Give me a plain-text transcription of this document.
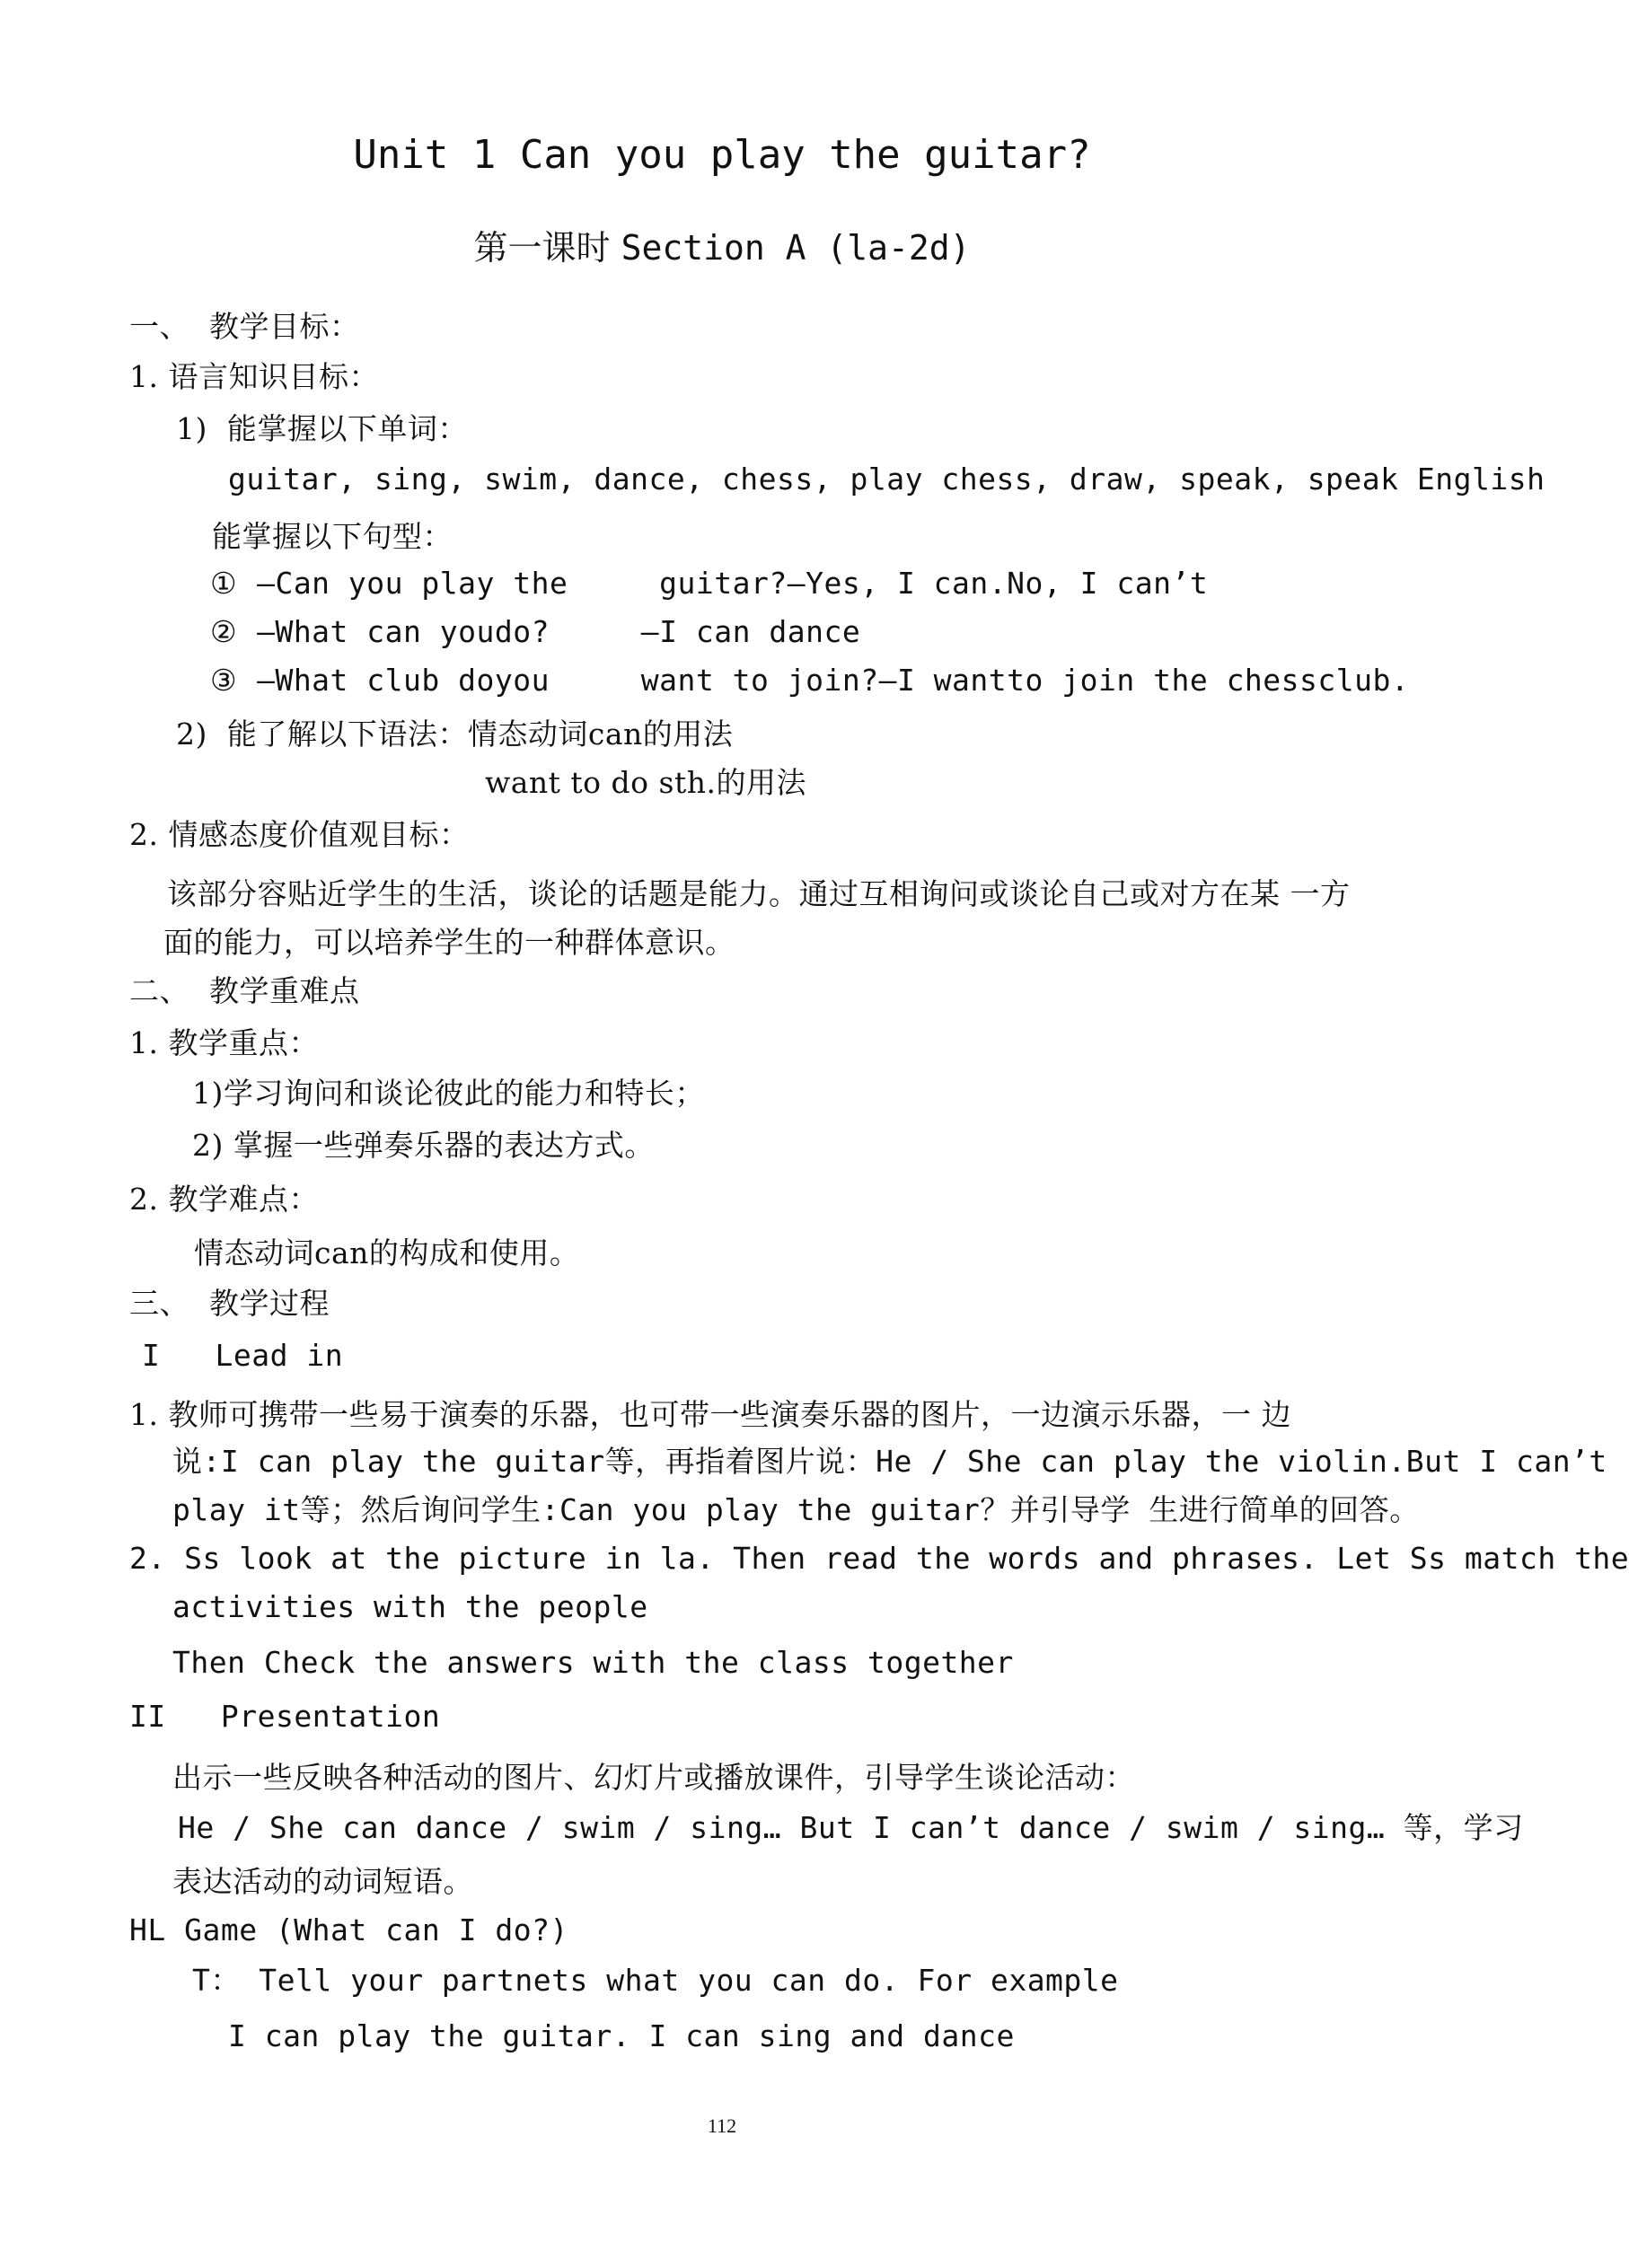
Unit 1 Can you play the guitar?
第一课时 Section A (la-2d)
一、 教学目标：
1. 语言知识目标：
1) 能掌握以下单词：
guitar, sing, swim, dance, chess, play chess, draw, speak, speak English
能掌握以下句型：
① —Can you play the     guitar?—Yes, I can.No, I can’t
② —What can youdo?     —I can dance
③ —What club doyou     want to join?—I wantto join the chessclub.
2) 能了解以下语法：情态动词can的用法
want to do sth.的用法
2. 情感态度价值观目标：
该部分容贴近学生的生活，谈论的话题是能力。通过互相询问或谈论自己或对方在某 一方
面的能力，可以培养学生的一种群体意识。
二、 教学重难点
1. 教学重点：
1)学习询问和谈论彼此的能力和特长；
2) 掌握一些弹奏乐器的表达方式。
2. 教学难点：
情态动词can的构成和使用。
三、 教学过程
I Lead in
1. 教师可携带一些易于演奏的乐器，也可带一些演奏乐器的图片，一边演示乐器，一 边
说:I can play the guitar等，再指着图片说：He / She can play the violin.But I can’t
play it等；然后询问学生:Can you play the guitar？并引导学 生进行简单的回答。
2. Ss look at the picture in la. Then read the words and phrases. Let Ss match the
activities with the people
Then Check the answers with the class together
II Presentation
出示一些反映各种活动的图片、幻灯片或播放课件，引导学生谈论活动：
He / She can dance / swim / sing… But I can’t dance / swim / sing… 等，学习
表达活动的动词短语。
HL Game (What can I do?)
T： Tell your partnets what you can do. For example
I can play the guitar. I can sing and dance
112
